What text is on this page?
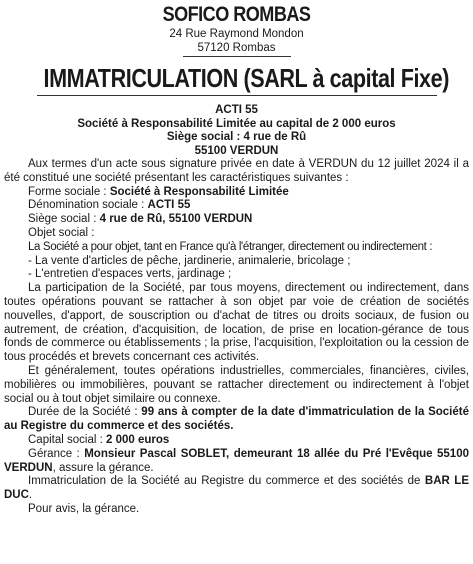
SOFICO ROMBAS
24 Rue Raymond Mondon
57120 Rombas
IMMATRICULATION (SARL à capital Fixe)
ACTI 55
Société à Responsabilité Limitée au capital de 2 000 euros
Siège social : 4 rue de Rû
55100 VERDUN

Aux termes d'un acte sous signature privée en date à VERDUN du 12 juillet 2024 il a été constitué une société présentant les caractéristiques suivantes :

Forme sociale : Société à Responsabilité Limitée

Dénomination sociale : ACTI 55

Siège social : 4 rue de Rû, 55100 VERDUN

Objet social :

La Société a pour objet, tant en France qu'à l'étranger, directement ou indirectement :

- La vente d'articles de pêche, jardinerie, animalerie, bricolage ;

- L'entretien d'espaces verts, jardinage ;

La participation de la Société, par tous moyens, directement ou indirectement, dans toutes opérations pouvant se rattacher à son objet par voie de création de sociétés nouvelles, d'apport, de souscription ou d'achat de titres ou droits sociaux, de fusion ou autrement, de création, d'acquisition, de location, de prise en location-gérance de tous fonds de commerce ou établissements ; la prise, l'acquisition, l'exploitation ou la cession de tous procédés et brevets concernant ces activités.

Et généralement, toutes opérations industrielles, commerciales, financières, civiles, mobilières ou immobilières, pouvant se rattacher directement ou indirectement à l'objet social ou à tout objet similaire ou connexe.

Durée de la Société : 99 ans à compter de la date d'immatriculation de la Société au Registre du commerce et des sociétés.

Capital social : 2 000 euros

Gérance : Monsieur Pascal SOBLET, demeurant 18 allée du Pré l'Evêque 55100 VERDUN, assure la gérance.

Immatriculation de la Société au Registre du commerce et des sociétés de BAR LE DUC.

Pour avis, la gérance.
